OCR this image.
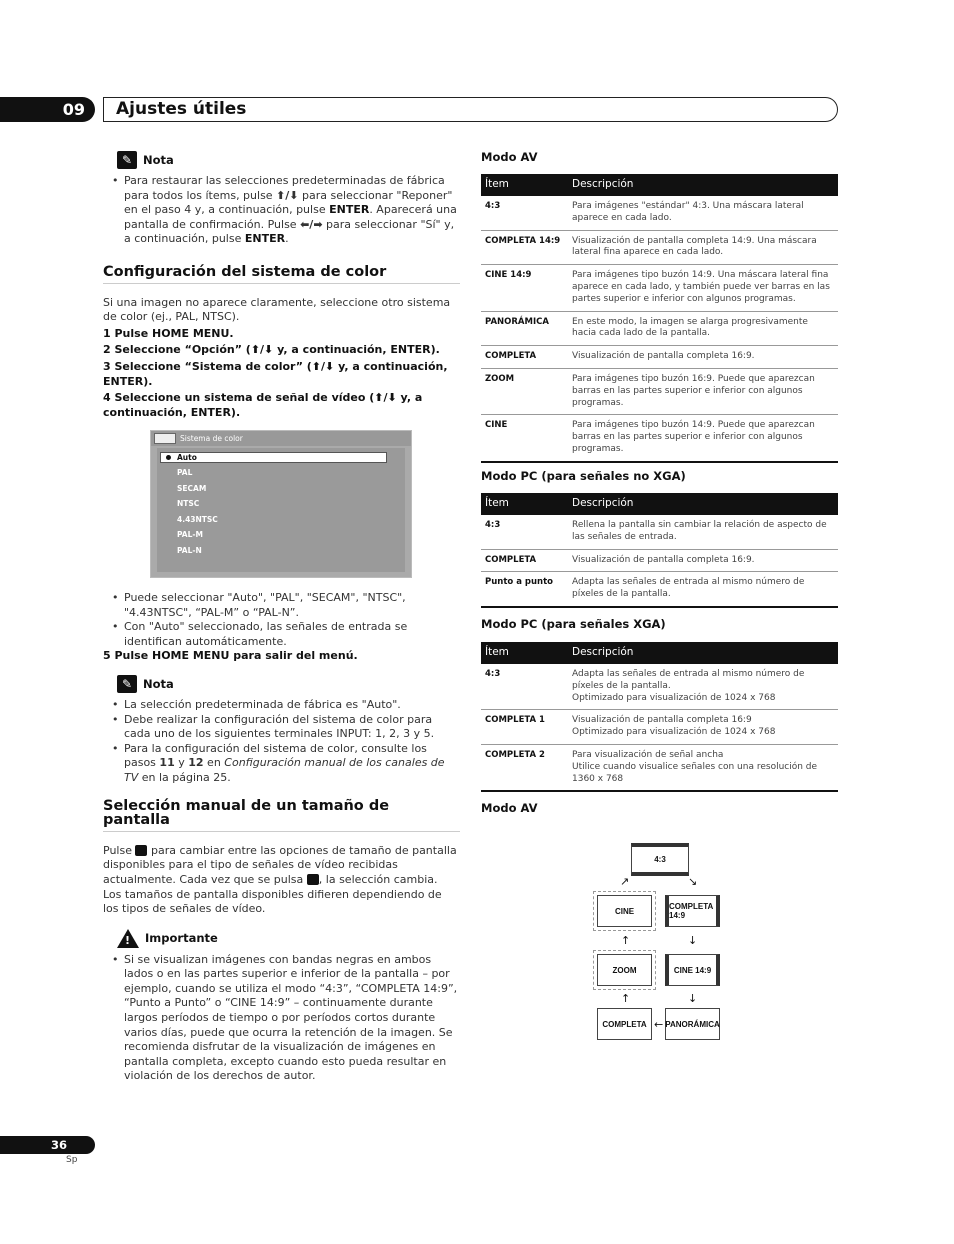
09	Ajustes útiles
✎ Nota
• Para restaurar las selecciones predeterminadas de fábrica para todos los ítems, pulse ⬆/⬇ para seleccionar "Reponer" en el paso 4 y, a continuación, pulse ENTER. Aparecerá una pantalla de confirmación. Pulse ⬅/➡ para seleccionar "Sí" y, a continuación, pulse ENTER.
Configuración del sistema de color
Si una imagen no aparece claramente, seleccione otro sistema de color (ej., PAL, NTSC).
1 Pulse HOME MENU.
2 Seleccione “Opción” (⬆/⬇ y, a continuación, ENTER).
3 Seleccione “Sistema de color” (⬆/⬇ y, a continuación, ENTER).
4 Seleccione un sistema de señal de vídeo (⬆/⬇ y, a continuación, ENTER).
Sistema de color
Auto
PAL
SECAM
NTSC
4.43NTSC
PAL-M
PAL-N
• Puede seleccionar "Auto", "PAL", "SECAM", "NTSC", "4.43NTSC", “PAL-M” o “PAL-N”.
• Con "Auto" seleccionado, las señales de entrada se identifican automáticamente.
5 Pulse HOME MENU para salir del menú.
✎ Nota
• La selección predeterminada de fábrica es "Auto".
• Debe realizar la configuración del sistema de color para cada uno de los siguientes terminales INPUT: 1, 2, 3 y 5.
• Para la configuración del sistema de color, consulte los pasos 11 y 12 en Configuración manual de los canales de TV en la página 25.
Selección manual de un tamaño de pantalla
Pulse  para cambiar entre las opciones de tamaño de pantalla disponibles para el tipo de señales de vídeo recibidas actualmente. Cada vez que se pulsa , la selección cambia.
Los tamaños de pantalla disponibles difieren dependiendo de los tipos de señales de vídeo.
! Importante
• Si se visualizan imágenes con bandas negras en ambos lados o en las partes superior e inferior de la pantalla – por ejemplo, cuando se utiliza el modo “4:3”, “COMPLETA 14:9”, “Punto a Punto” o “CINE 14:9” – continuamente durante largos períodos de tiempo o por períodos cortos durante varios días, puede que ocurra la retención de la imagen. Se recomienda disfrutar de la visualización de imágenes en pantalla completa, excepto cuando esto pueda resultar en violación de los derechos de autor.
Modo AV
Ítem	Descripción
4:3	Para imágenes "estándar" 4:3. Una máscara lateral aparece en cada lado.
COMPLETA 14:9	Visualización de pantalla completa 14:9. Una máscara lateral fina aparece en cada lado.
CINE 14:9	Para imágenes tipo buzón 14:9. Una máscara lateral fina aparece en cada lado, y también puede ver barras en las partes superior e inferior con algunos programas.
PANORÁMICA	En este modo, la imagen se alarga progresivamente hacia cada lado de la pantalla.
COMPLETA	Visualización de pantalla completa 16:9.
ZOOM	Para imágenes tipo buzón 16:9. Puede que aparezcan barras en las partes superior e inferior con algunos programas.
CINE	Para imágenes tipo buzón 14:9. Puede que aparezcan barras en las partes superior e inferior con algunos programas.
Modo PC (para señales no XGA)
Ítem	Descripción
4:3	Rellena la pantalla sin cambiar la relación de aspecto de las señales de entrada.
COMPLETA	Visualización de pantalla completa 16:9.
Punto a punto	Adapta las señales de entrada al mismo número de píxeles de la pantalla.
Modo PC (para señales XGA)
Ítem	Descripción
4:3	Adapta las señales de entrada al mismo número de píxeles de la pantalla.
Optimizado para visualización de 1024 x 768
COMPLETA 1	Visualización de pantalla completa 16:9
Optimizado para visualización de 1024 x 768
COMPLETA 2	Para visualización de señal ancha
Utilice cuando visualice señales con una resolución de 1360 x 768
Modo AV
4:3
CINE	COMPLETA 14:9
ZOOM	CINE 14:9
COMPLETA	PANORÁMICA
↗	↘
↓
↑
↓
↑
←
36
Sp
